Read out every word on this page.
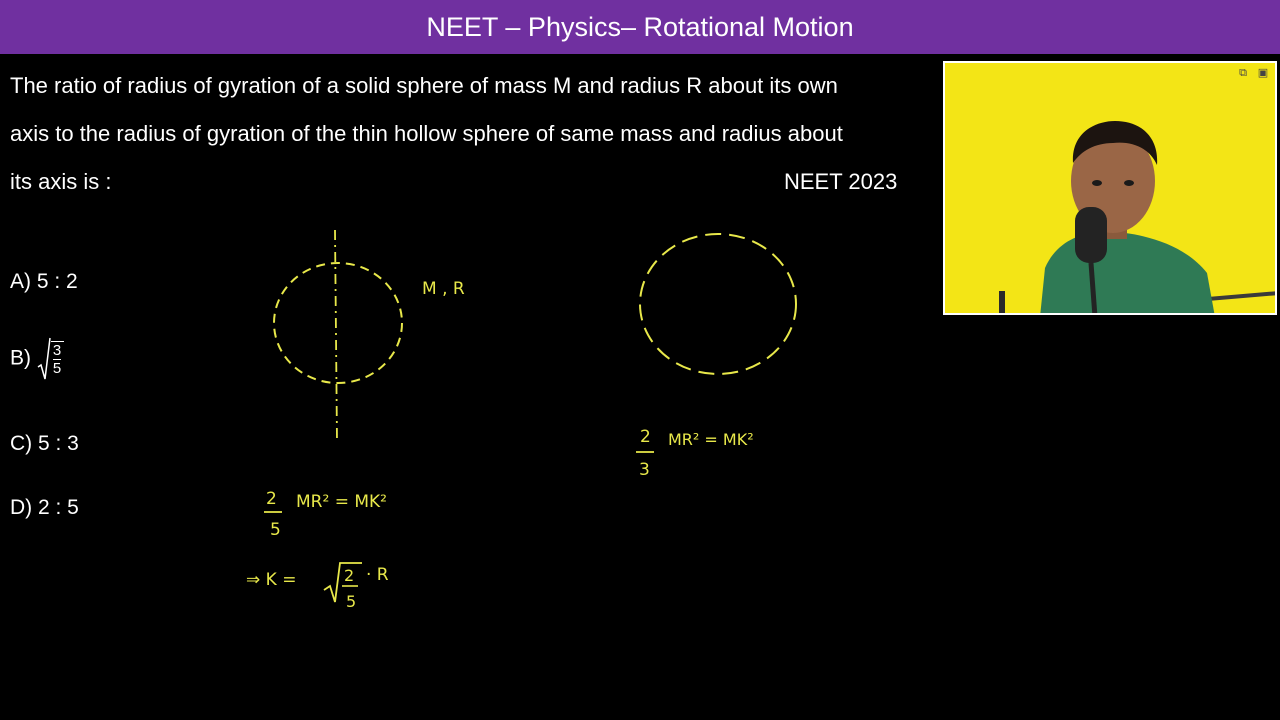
NEET – Physics– Rotational Motion
The ratio of radius of gyration of a solid sphere of mass M and radius R about its own
axis to the radius of gyration of the thin hollow sphere of same mass and radius about
its axis is :	NEET 2023
A) 5 : 2
$B) \frac{3}{5}$
C) 5 : 3
D) 2 : 5
M , R
2
5
MR² = MK²
⇒ K =	2
5
· R
2
3
MR² = MK²
⧉ ▣
